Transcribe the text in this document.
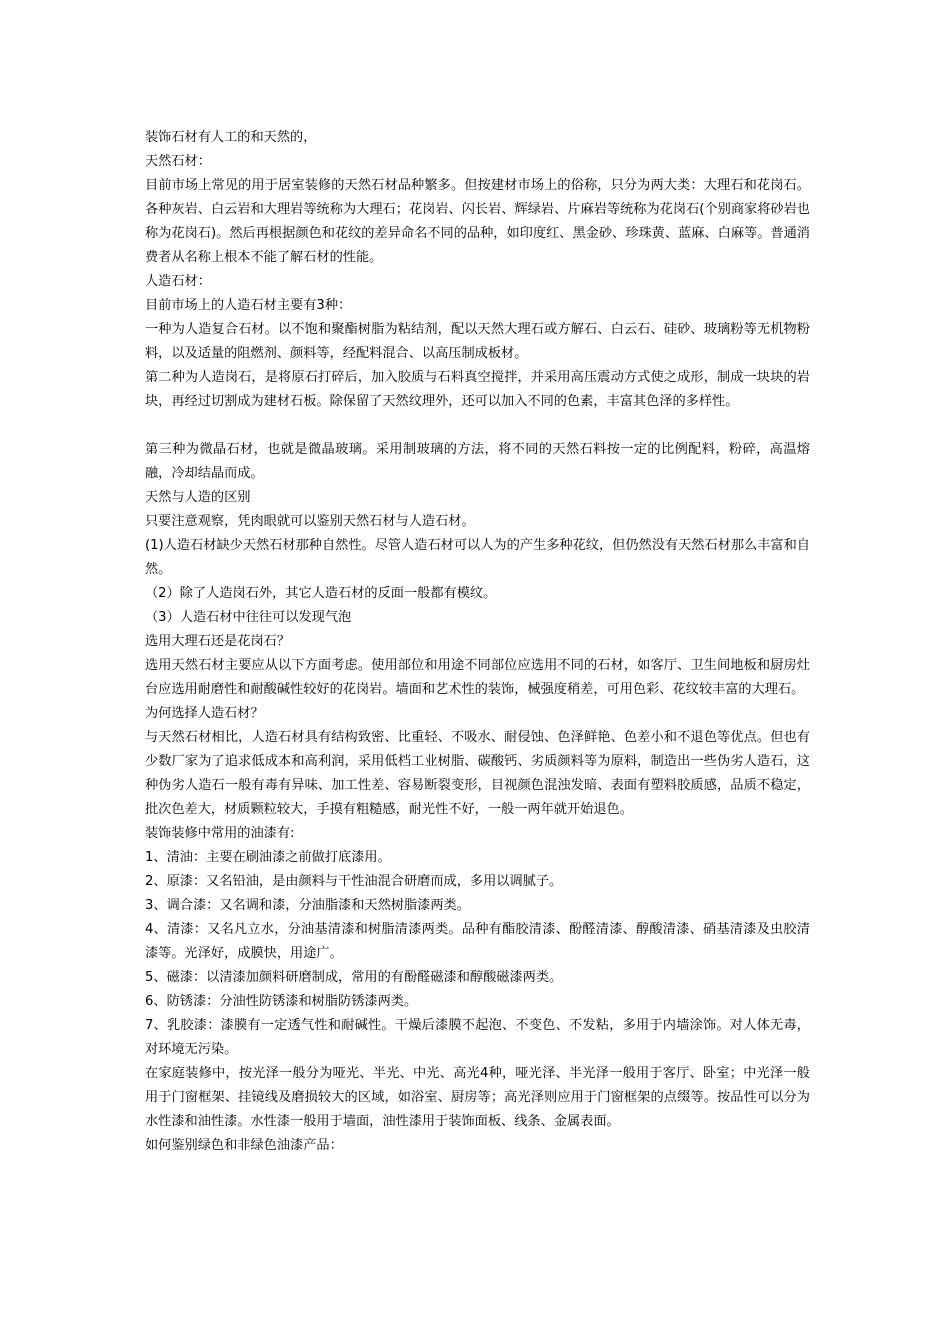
装饰石材有人工的和天然的，

天然石材：

目前市场上常见的用于居室装修的天然石材品种繁多。但按建材市场上的俗称，只分为两大类：大理石和花岗石。各种灰岩、白云岩和大理岩等统称为大理石；花岗岩、闪长岩、辉绿岩、片麻岩等统称为花岗石(个别商家将砂岩也称为花岗石)。然后再根据颜色和花纹的差异命名不同的品种，如印度红、黑金砂、珍珠黄、蓝麻、白麻等。普通消费者从名称上根本不能了解石材的性能。

人造石材：

目前市场上的人造石材主要有3种：

一种为人造复合石材。以不饱和聚酯树脂为粘结剂，配以天然大理石或方解石、白云石、硅砂、玻璃粉等无机物粉料，以及适量的阻燃剂、颜料等，经配料混合、以高压制成板材。

第二种为人造岗石，是将原石打碎后，加入胶质与石料真空搅拌，并采用高压震动方式使之成形，制成一块块的岩块，再经过切割成为建材石板。除保留了天然纹理外，还可以加入不同的色素，丰富其色泽的多样性。

第三种为微晶石材，也就是微晶玻璃。采用制玻璃的方法，将不同的天然石料按一定的比例配料，粉碎，高温熔融，冷却结晶而成。

天然与人造的区别

只要注意观察，凭肉眼就可以鉴别天然石材与人造石材。

(1)人造石材缺少天然石材那种自然性。尽管人造石材可以人为的产生多种花纹，但仍然没有天然石材那么丰富和自然。

（2）除了人造岗石外，其它人造石材的反面一般都有模纹。

（3）人造石材中往往可以发现气泡

选用大理石还是花岗石？

选用天然石材主要应从以下方面考虑。使用部位和用途不同部位应选用不同的石材，如客厅、卫生间地板和厨房灶台应选用耐磨性和耐酸碱性较好的花岗岩。墙面和艺术性的装饰，械强度稍差，可用色彩、花纹较丰富的大理石。

为何选择人造石材？

与天然石材相比，人造石材具有结构致密、比重轻、不吸水、耐侵蚀、色泽鲜艳、色差小和不退色等优点。但也有少数厂家为了追求低成本和高利润，采用低档工业树脂、碳酸钙、劣质颜料等为原料，制造出一些伪劣人造石，这种伪劣人造石一般有毒有异味、加工性差、容易断裂变形，目视颜色混浊发暗、表面有塑料胶质感，品质不稳定，批次色差大，材质颗粒较大，手摸有粗糙感，耐光性不好，一般一两年就开始退色。

装饰装修中常用的油漆有:

1、清油：主要在刷油漆之前做打底漆用。

2、原漆：又名铅油，是由颜料与干性油混合研磨而成，多用以调腻子。

3、调合漆：又名调和漆，分油脂漆和天然树脂漆两类。

4、清漆：又名凡立水，分油基清漆和树脂清漆两类。品种有酯胶清漆、酚醛清漆、醇酸清漆、硝基清漆及虫胶清漆等。光泽好，成膜快，用途广。

5、磁漆：以清漆加颜料研磨制成，常用的有酚醛磁漆和醇酸磁漆两类。

6、防锈漆：分油性防锈漆和树脂防锈漆两类。

7、乳胶漆：漆膜有一定透气性和耐碱性。干燥后漆膜不起泡、不变色、不发粘，多用于内墙涂饰。对人体无毒，对环境无污染。

在家庭装修中，按光泽一般分为哑光、半光、中光、高光4种，哑光泽、半光泽一般用于客厅、卧室；中光泽一般用于门窗框架、挂镜线及磨损较大的区域，如浴室、厨房等；高光泽则应用于门窗框架的点缀等。按品性可以分为水性漆和油性漆。水性漆一般用于墙面，油性漆用于装饰面板、线条、金属表面。

如何鉴别绿色和非绿色油漆产品：
